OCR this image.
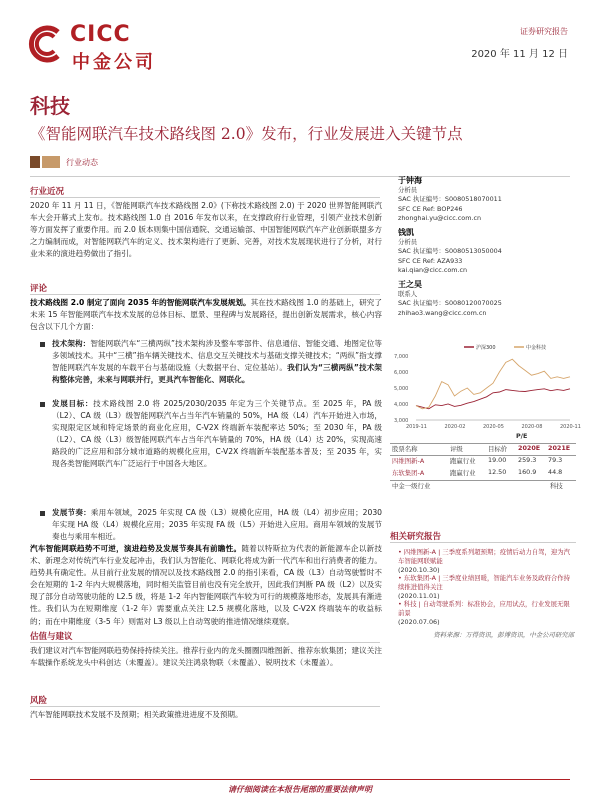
CICC
中金公司
证券研究报告
2020 年 11 月 12 日
科技
《智能网联汽车技术路线图 2.0》发布，行业发展进入关键节点
行业动态
行业近况
2020 年 11 月 11 日，《智能网联汽车技术路线图 2.0》(下称技术路线图 2.0) 于 2020 世界智能网联汽车大会开幕式上发布。技术路线图 1.0 自 2016 年发布以来，在支撑政府行业管理，引领产业技术创新等方面发挥了重要作用。而 2.0 版本则集中国信通院、交通运输部、中国智能网联汽车产业创新联盟多方之力编制而成，对智能网联汽车的定义、技术架构进行了更新、完善，对技术发展现状进行了分析，对行业未来的演进趋势做出了指引。
评论
技术路线图 2.0 制定了面向 2035 年的智能网联汽车发展规划。其在技术路线图 1.0 的基础上，研究了未来 15 年智能网联汽车技术发展的总体目标、愿景、里程碑与发展路径，提出创新发展需求，核心内容包含以下几个方面：
技术架构：智能网联汽车“三横两纵”技术架构涉及整车零部件、信息通信、智能交通、地图定位等多领域技术。其中“三横”指车辆关键技术、信息交互关键技术与基础支撑关键技术；“两纵”指支撑智能网联汽车发展的车载平台与基础设施（大数据平台、定位基站）。我们认为“三横两纵”技术架构整体完善，未来与网联并行，更具汽车智能化、网联化。
发展目标：技术路线图 2.0 将 2025/2030/2035 年定为三个关键节点。至 2025 年，PA 级（L2）、CA 级（L3）级智能网联汽车占当年汽车销量的 50%，HA 级（L4）汽车开始进入市场，实现限定区域和特定场景的商业化应用，C-V2X 终端新车装配率达 50%；至 2030 年，PA 级（L2）、CA 级（L3）级智能网联汽车占当年汽车销量的 70%，HA 级（L4）达 20%，实现高速路段的广泛应用和部分城市道路的规模化应用，C-V2X 终端新车装配基本普及；至 2035 年，实现各类智能网联汽车广泛运行于中国各大地区。
发展节奏：乘用车领域，2025 年实现 CA 级（L3）规模化应用，HA 级（L4）初步应用；2030 年实现 HA 级（L4）规模化应用；2035 年实现 FA 级（L5）开始进入应用。商用车领域的发展节奏也与乘用车相近。
汽车智能网联趋势不可逆，演进趋势及发展节奏具有前瞻性。随着以特斯拉为代表的新能源车企以新技术、新理念对传统汽车行业发起冲击，我们认为智能化、网联化将成为新一代汽车和出行消费者的能力。趋势具有确定性。从目前行业发展的情况以及技术路线图 2.0 的指引来看，CA 级（L3）自动驾驶暂时不会在短期的 1-2 年内大规模落地，同时相关监管目前也没有完全放开，因此我们判断 PA 级（L2）以及实现了部分自动驾驶功能的 L2.5 级，将是 1-2 年内智能网联汽车较为可行的规模落地形态，发展具有渐进性。我们认为在短期维度（1-2 年）需要重点关注 L2.5 规模化落地，以及 C-V2X 终端装车的收益标的；而在中期维度（3-5 年）则需对 L3 级以上自动驾驶的推进情况继续观察。
估值与建议
我们建议对汽车智能网联趋势保持持续关注。推荐行业内的龙头圈圈四维图新、推荐东软集团；建议关注车载操作系统龙头中科创达（未覆盖）。建议关注鸿泉物联（未覆盖）、锐明技术（未覆盖）。
风险
汽车智能网联技术发展不及预期；相关政策推进进度不及预期。
于钟海
分析员
SAC 执证编号：S0080518070011
SFC CE Ref: BOP246
zhonghai.yu@cicc.com.cn
钱凯
分析员
SAC 执证编号：S0080513050004
SFC CE Ref: AZA933
kai.qian@cicc.com.cn
王之昊
联系人
SAC 执证编号：S0080120070025
zhihao3.wang@cicc.com.cn
7,000
6,000
5,000
4,000
3,000
2019-11	2020-02	2020-05	2020-08	2020-11
沪深300	中金科技
P/E
股票名称	评级	目标价 2020E 2021E
四维图新-A	跑赢行业 19.00 259.3 79.3
东软集团-A	跑赢行业 12.50 160.9 44.8
中金一级行业	科技
相关研究报告
• 四维图新-A | 三季度系列超预期；疫情后动力自驾，迎为汽车智能网联赋能
(2020.10.30)
• 东软集团-A | 三季度业绩回暖，智能汽车业务及政府合作持续推进值得关注
(2020.11.01)
• 科技 | 自动驾驶系列：标准协会，应用试点，行业发展无限前景
(2020.07.06)
资料来源：万得资讯，彭博资讯，中金公司研究部
请仔细阅读在本报告尾部的重要法律声明
